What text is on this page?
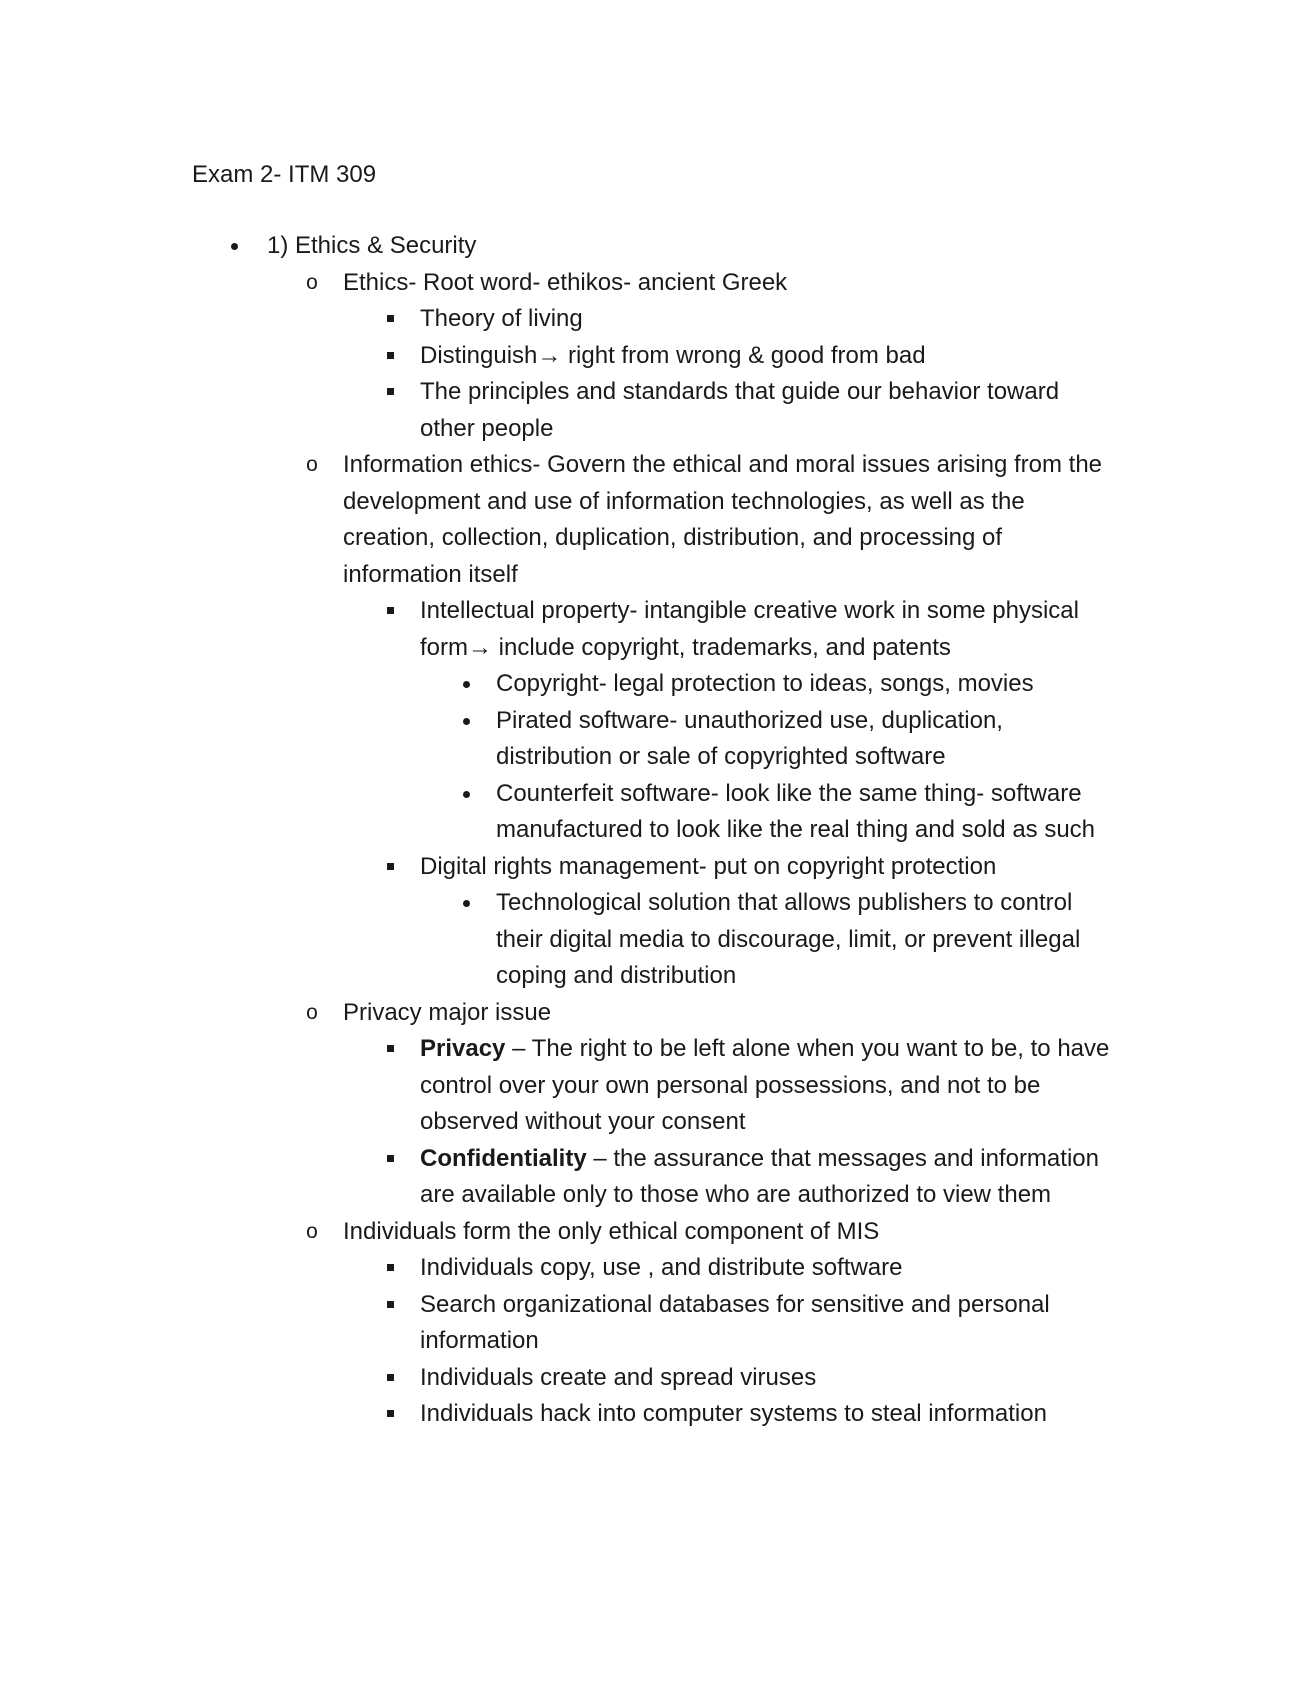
Exam 2- ITM 309
1) Ethics & Security
o Ethics- Root word- ethikos- ancient Greek
Theory of living
Distinguish→ right from wrong & good from bad
The principles and standards that guide our behavior toward other people
o Information ethics- Govern the ethical and moral issues arising from the development and use of information technologies, as well as the creation, collection, duplication, distribution, and processing of information itself
Intellectual property- intangible creative work in some physical form→ include copyright, trademarks, and patents
Copyright- legal protection to ideas, songs, movies
Pirated software- unauthorized use, duplication, distribution or sale of copyrighted software
Counterfeit software- look like the same thing- software manufactured to look like the real thing and sold as such
Digital rights management- put on copyright protection
Technological solution that allows publishers to control their digital media to discourage, limit, or prevent illegal coping and distribution
o Privacy major issue
Privacy – The right to be left alone when you want to be, to have control over your own personal possessions, and not to be observed without your consent
Confidentiality – the assurance that messages and information are available only to those who are authorized to view them
o Individuals form the only ethical component of MIS
Individuals copy, use , and distribute software
Search organizational databases for sensitive and personal information
Individuals create and spread viruses
Individuals hack into computer systems to steal information
